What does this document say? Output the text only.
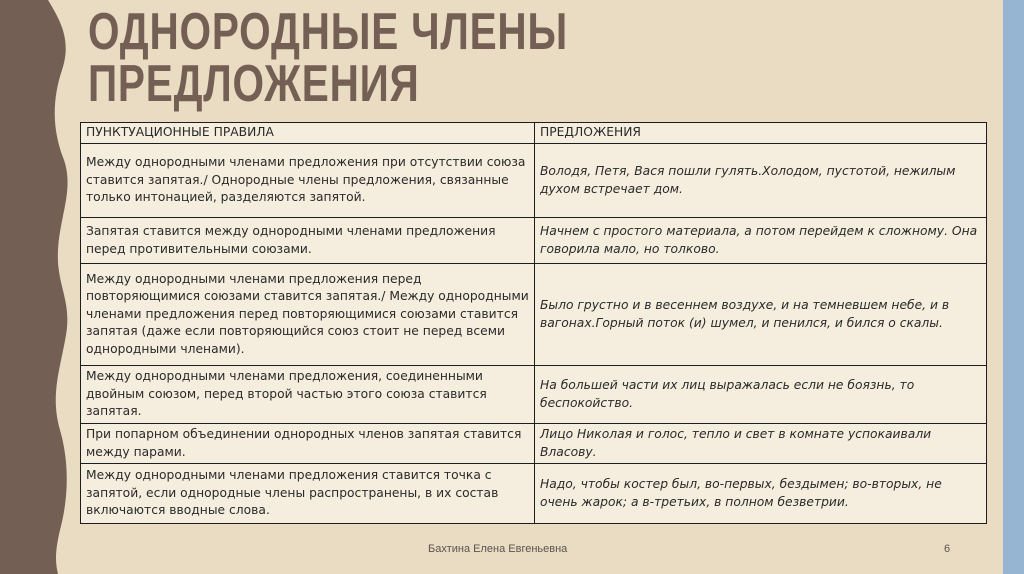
ОДНОРОДНЫЕ ЧЛЕНЫ
ПРЕДЛОЖЕНИЯ
ПУНКТУАЦИОННЫЕ ПРАВИЛА	ПРЕДЛОЖЕНИЯ
Между однородными членами предложения при отсутствии союза ставится запятая./ Однородные члены предложения, связанные только интонацией, разделяются запятой.	Володя, Петя, Вася пошли гулять.Холодом, пустотой, нежилым духом встречает дом.
Запятая ставится между однородными членами предложения перед противительными союзами.	Начнем с простого материала, а потом перейдем к сложному. Она говорила мало, но толково.
Между однородными членами предложения перед повторяющимися союзами ставится запятая./ Между однородными членами предложения перед повторяющимися союзами ставится запятая (даже если повторяющийся союз стоит не перед всеми однородными членами).	Было грустно и в весеннем воздухе, и на темневшем небе, и в вагонах.Горный поток (и) шумел, и пенился, и бился о скалы.
Между однородными членами предложения, соединенными двойным союзом, перед второй частью этого союза ставится запятая.	На большей части их лиц выражалась если не боязнь, то беспокойство.
При попарном объединении однородных членов запятая ставится между парами.	Лицо Николая и голос, тепло и свет в комнате успокаивали Власову.
Между однородными членами предложения ставится точка с запятой, если однородные члены распространены, в их состав включаются вводные слова.	Надо, чтобы костер был, во-первых, бездымен; во-вторых, не очень жарок; а в-третьих, в полном безветрии.
Бахтина Елена Евгеньевна	6
